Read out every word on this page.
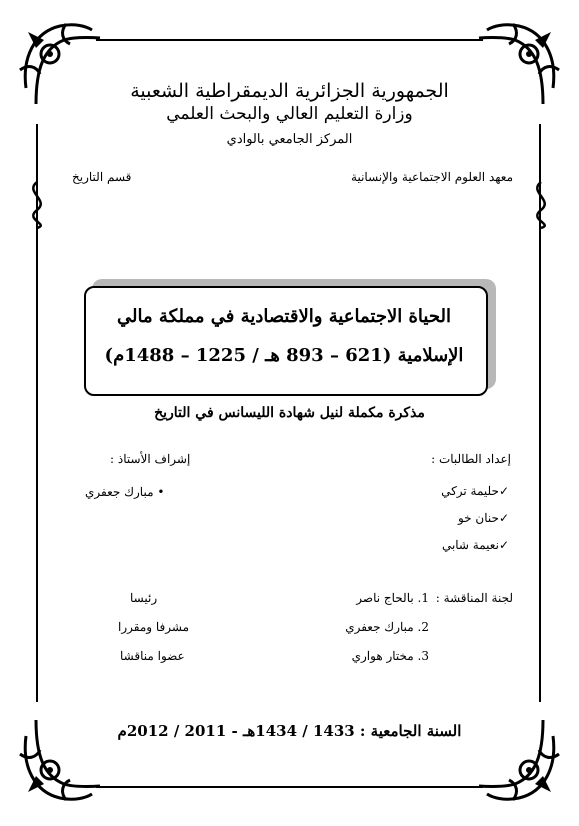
الجمهورية الجزائرية الديمقراطية الشعبية
وزارة التعليم العالي والبحث العلمي
المركز الجامعي بالوادي
معهد العلوم الاجتماعية والإنسانية
قسم التاريخ
الحياة الاجتماعية والاقتصادية في مملكة مالي
الإسلامية (621 – 893 هـ / 1225 – 1488م)
مذكرة مكملة لنيل شهادة الليسانس في التاريخ
إعداد الطالبات :
✓حليمة تركي
✓حنان خو
✓نعيمة شابي
إشراف الأستاذ :
• مبارك جعفري
لجنة المناقشة :
1. بالحاج ناصر
رئيسا
2. مبارك جعفري
مشرفا ومقررا
3. مختار هواري
عضوا مناقشا
السنة الجامعية : 1433 / 1434هـ - 2011 / 2012م
